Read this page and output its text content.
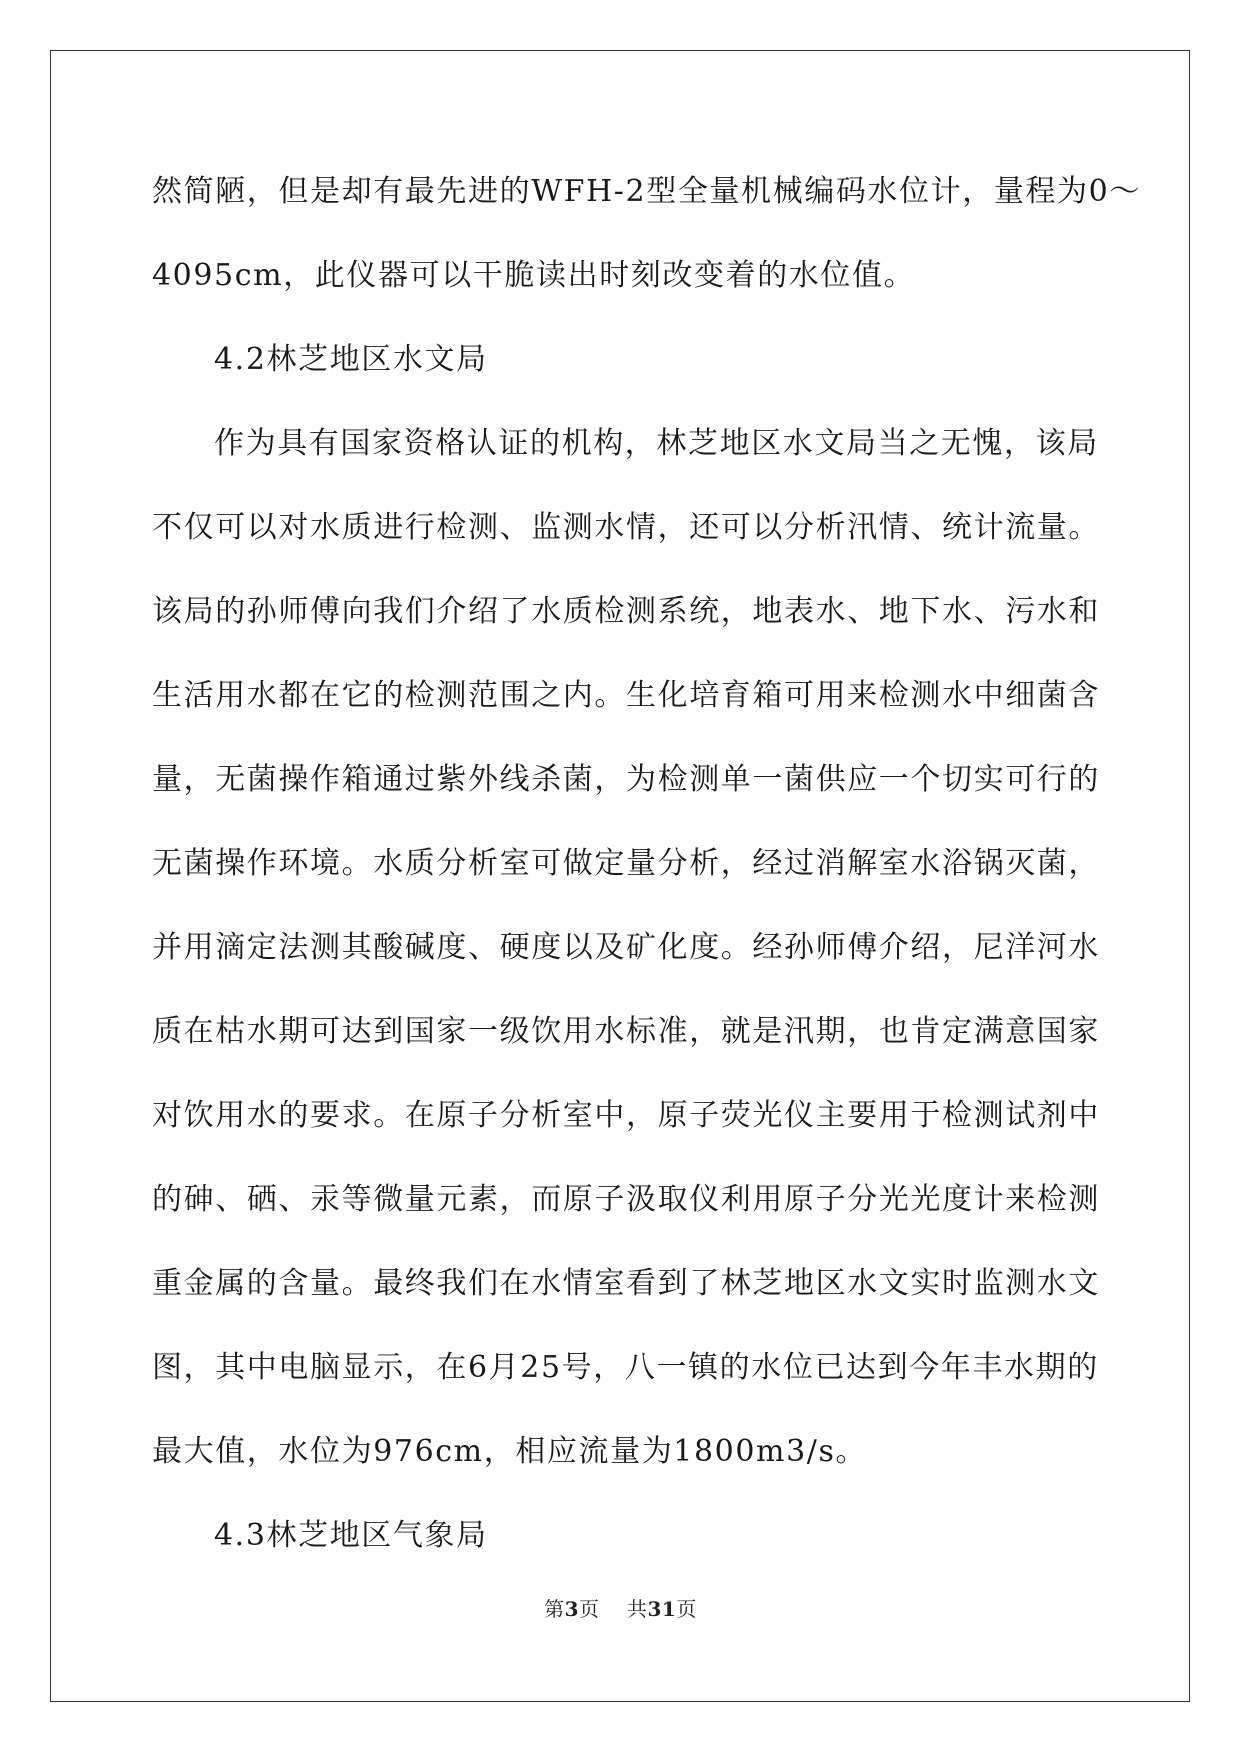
然简陋，但是却有最先进的WFH-2型全量机械编码水位计，量程为0～
4095cm，此仪器可以干脆读出时刻改变着的水位值。
4.2林芝地区水文局
作为具有国家资格认证的机构，林芝地区水文局当之无愧，该局
不仅可以对水质进行检测、监测水情，还可以分析汛情、统计流量。
该局的孙师傅向我们介绍了水质检测系统，地表水、地下水、污水和
生活用水都在它的检测范围之内。生化培育箱可用来检测水中细菌含
量，无菌操作箱通过紫外线杀菌，为检测单一菌供应一个切实可行的
无菌操作环境。水质分析室可做定量分析，经过消解室水浴锅灭菌，
并用滴定法测其酸碱度、硬度以及矿化度。经孙师傅介绍，尼洋河水
质在枯水期可达到国家一级饮用水标准，就是汛期，也肯定满意国家
对饮用水的要求。在原子分析室中，原子荧光仪主要用于检测试剂中
的砷、硒、汞等微量元素，而原子汲取仪利用原子分光光度计来检测
重金属的含量。最终我们在水情室看到了林芝地区水文实时监测水文
图，其中电脑显示，在6月25号，八一镇的水位已达到今年丰水期的
最大值，水位为976cm，相应流量为1800m3/s。
4.3林芝地区气象局
第3页 共31页
